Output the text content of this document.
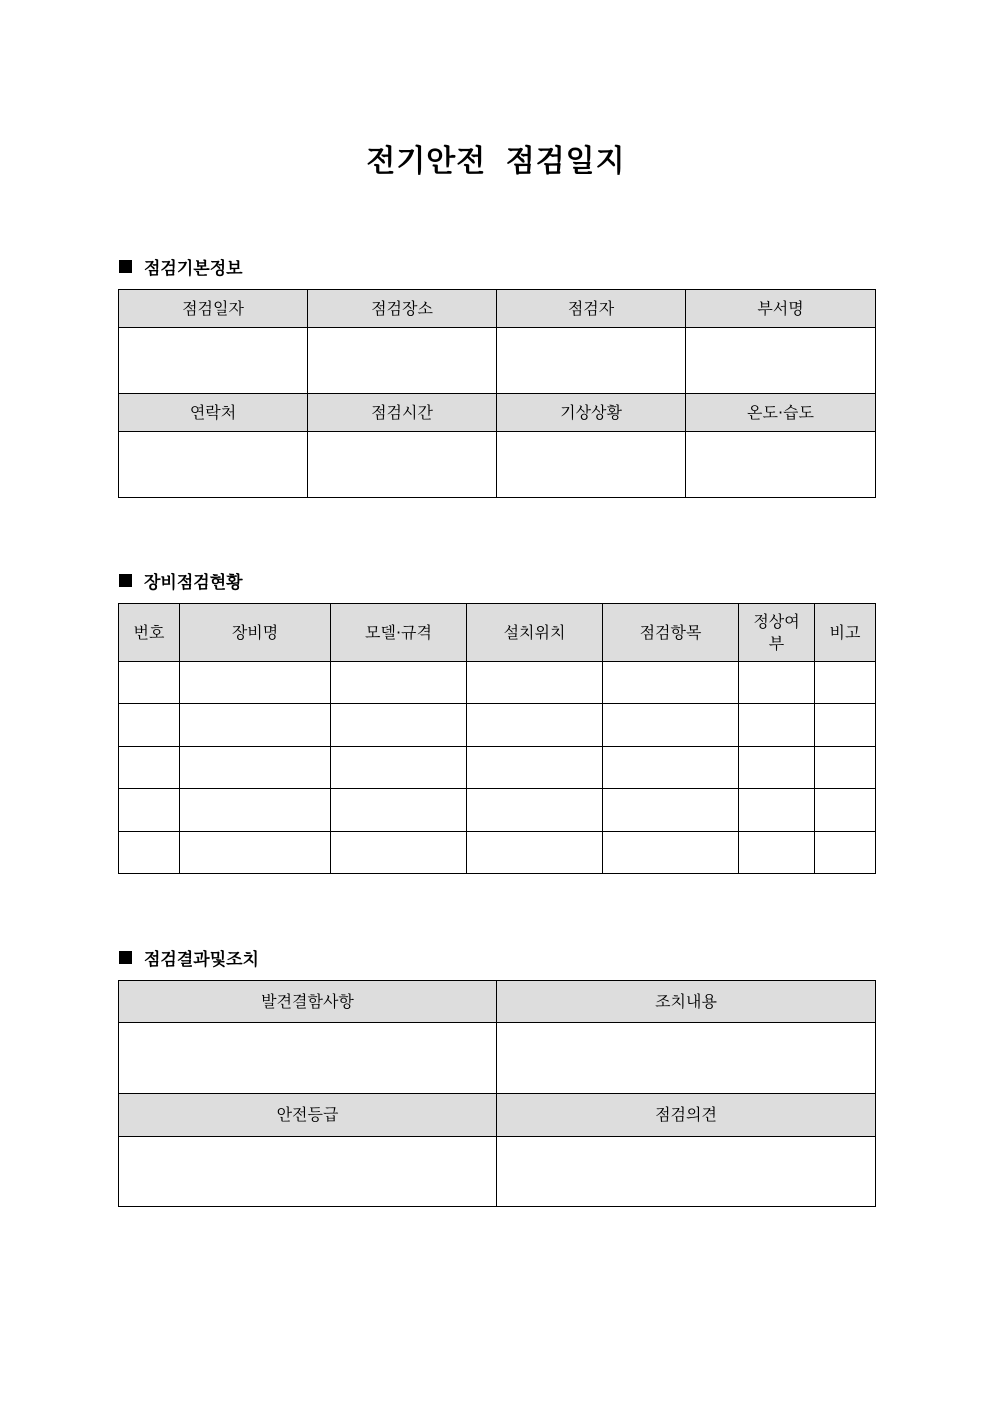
전기안전 점검일지
점검기본정보
점검일자	점검장소	점검자	부서명

연락처	점검시간	기상상황	온도·습도

장비점검현황
번호	장비명	모델·규격	설치위치	점검항목	정상여부	비고

점검결과및조치
발견결함사항	조치내용

안전등급	점검의견
